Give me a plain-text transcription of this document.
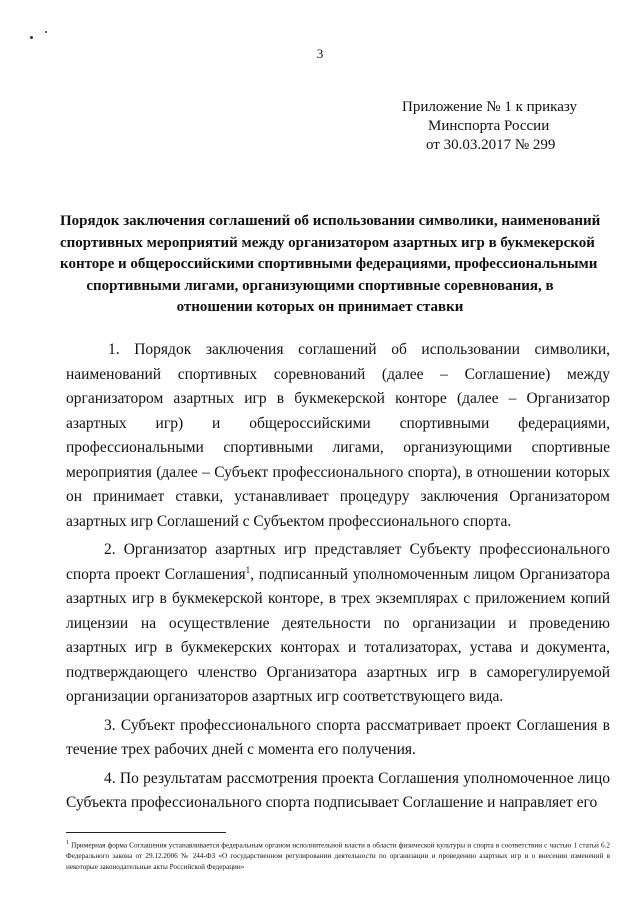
3
Приложение № 1 к приказу
Минспорта России
от 30.03.2017 № 299
Порядок заключения соглашений об использовании символики, наименований
спортивных мероприятий между организатором азартных игр в букмекерской
конторе и общероссийскими спортивными федерациями, профессиональными
спортивными лигами, организующими спортивные соревнования, в
отношении которых он принимает ставки

1. Порядок заключения соглашений об использовании символики, наименований спортивных соревнований (далее – Соглашение) между организатором азартных игр в букмекерской конторе (далее – Организатор азартных игр) и общероссийскими спортивными федерациями, профессиональными спортивными лигами, организующими спортивные мероприятия (далее – Субъект профессионального спорта), в отношении которых он принимает ставки, устанавливает процедуру заключения Организатором азартных игр Соглашений с Субъектом профессионального спорта.

2. Организатор азартных игр представляет Субъекту профессионального спорта проект Соглашения$^1$, подписанный уполномоченным лицом Организатора азартных игр в букмекерской конторе, в трех экземплярах с приложением копий лицензии на осуществление деятельности по организации и проведению азартных игр в букмекерских конторах и тотализаторах, устава и документа, подтверждающего членство Организатора азартных игр в саморегулируемой организации организаторов азартных игр соответствующего вида.

3. Субъект профессионального спорта рассматривает проект Соглашения в течение трех рабочих дней с момента его получения.

4. По результатам рассмотрения проекта Соглашения уполномоченное лицо Субъекта профессионального спорта подписывает Соглашение и направляет его

$^1$ Примерная форма Соглашения устанавливается федеральным органом исполнительной власти в области физической культуры и спорта в соответствии с частью 1 статьи 6.2 Федерального закона от 29.12.2006 № 244-ФЗ «О государственном регулировании деятельности по организации и проведению азартных игр и о внесении изменений в некоторые законодательные акты Российской Федерации»
